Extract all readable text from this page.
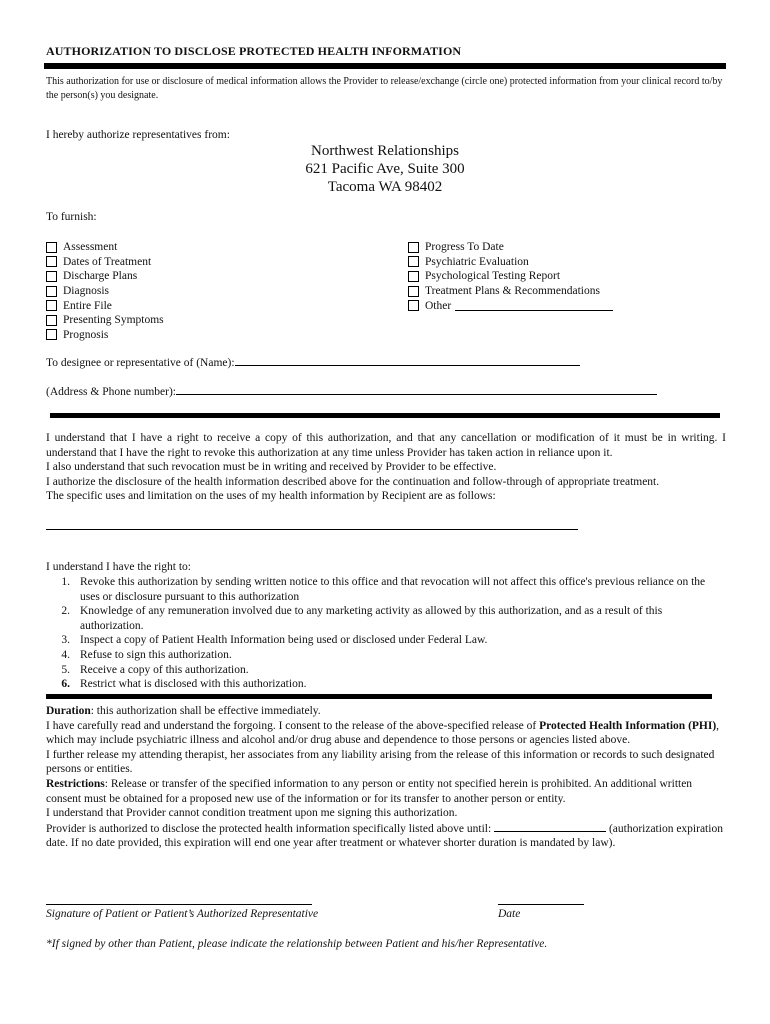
AUTHORIZATION TO DISCLOSE PROTECTED HEALTH INFORMATION
This authorization for use or disclosure of medical information allows the Provider to release/exchange (circle one) protected information from your clinical record to/by the person(s) you designate.
I hereby authorize representatives from:
Northwest Relationships
621 Pacific Ave, Suite 300
Tacoma WA 98402
To furnish:
Assessment
Dates of Treatment
Discharge Plans
Diagnosis
Entire File
Presenting Symptoms
Prognosis
Progress To Date
Psychiatric Evaluation
Psychological Testing Report
Treatment Plans & Recommendations
Other
To designee or representative of (Name):
(Address & Phone number):
I understand that I have a right to receive a copy of this authorization, and that any cancellation or modification of it must be in writing. I understand that I have the right to revoke this authorization at any time unless Provider has taken action in reliance upon it.
I also understand that such revocation must be in writing and received by Provider to be effective.
I authorize the disclosure of the health information described above for the continuation and follow-through of appropriate treatment.
The specific uses and limitation on the uses of my health information by Recipient are as follows:
I understand I have the right to:
1. Revoke this authorization by sending written notice to this office and that revocation will not affect this office's previous reliance on the uses or disclosure pursuant to this authorization
2. Knowledge of any remuneration involved due to any marketing activity as allowed by this authorization, and as a result of this authorization.
3. Inspect a copy of Patient Health Information being used or disclosed under Federal Law.
4. Refuse to sign this authorization.
5. Receive a copy of this authorization.
6. Restrict what is disclosed with this authorization.
Duration: this authorization shall be effective immediately.
I have carefully read and understand the forgoing. I consent to the release of the above-specified release of Protected Health Information (PHI), which may include psychiatric illness and alcohol and/or drug abuse and dependence to those persons or agencies listed above.
I further release my attending therapist, her associates from any liability arising from the release of this information or records to such designated persons or entities.
Restrictions: Release or transfer of the specified information to any person or entity not specified herein is prohibited. An additional written consent must be obtained for a proposed new use of the information or for its transfer to another person or entity.
I understand that Provider cannot condition treatment upon me signing this authorization.
Provider is authorized to disclose the protected health information specifically listed above until:	(authorization expiration date. If no date provided, this expiration will end one year after treatment or whatever shorter duration is mandated by law).
Signature of Patient or Patient’s Authorized Representative	Date
*If signed by other than Patient, please indicate the relationship between Patient and his/her Representative.
